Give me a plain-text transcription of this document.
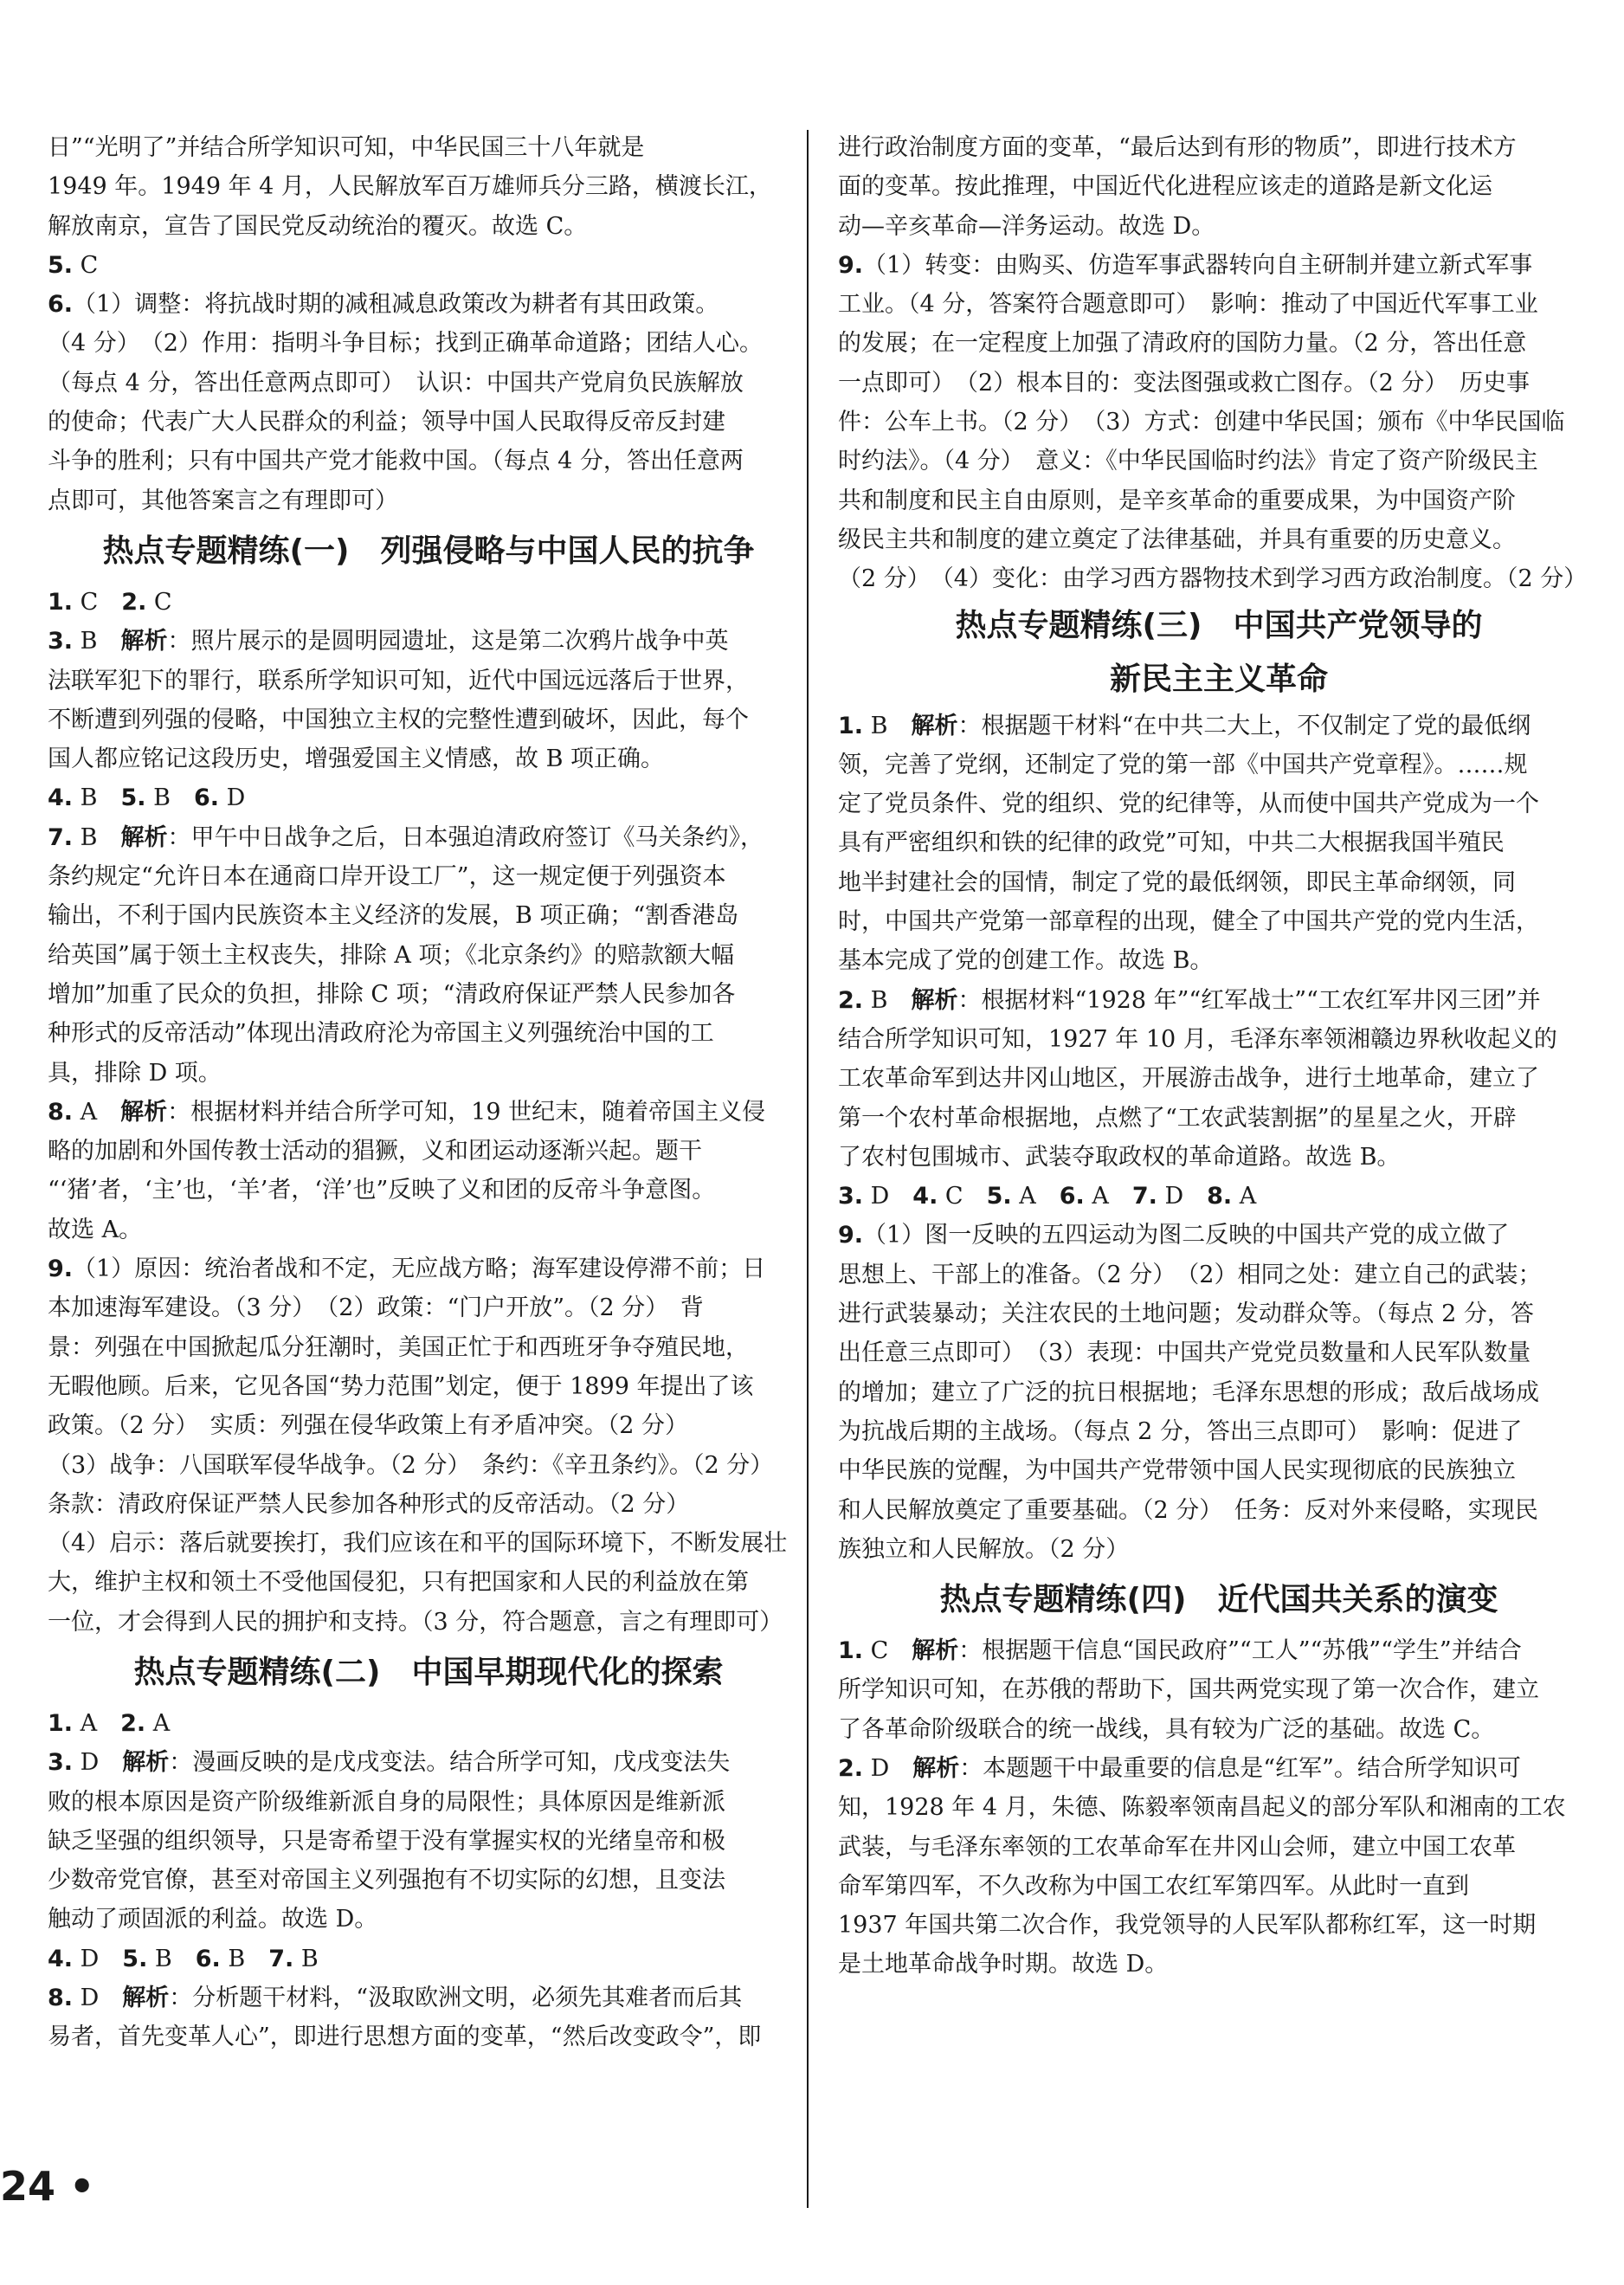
日”“光明了”并结合所学知识可知，中华民国三十八年就是

1949 年。1949 年 4 月，人民解放军百万雄师兵分三路，横渡长江，

解放南京，宣告了国民党反动统治的覆灭。故选 C。

5. C

6.（1）调整：将抗战时期的减租减息政策改为耕者有其田政策。

（4 分）　（2）作用：指明斗争目标；找到正确革命道路；团结人心。

（每点 4 分，答出任意两点即可）　认识：中国共产党肩负民族解放

的使命；代表广大人民群众的利益；领导中国人民取得反帝反封建

斗争的胜利；只有中国共产党才能救中国。（每点 4 分，答出任意两

点即可，其他答案言之有理即可）

热点专题精练(一)　列强侵略与中国人民的抗争

1. C　2. C

3. B　解析：照片展示的是圆明园遗址，这是第二次鸦片战争中英

法联军犯下的罪行，联系所学知识可知，近代中国远远落后于世界，

不断遭到列强的侵略，中国独立主权的完整性遭到破坏，因此，每个

国人都应铭记这段历史，增强爱国主义情感，故 B 项正确。

4. B　5. B　6. D

7. B　解析：甲午中日战争之后，日本强迫清政府签订《马关条约》，

条约规定“允许日本在通商口岸开设工厂”，这一规定便于列强资本

输出，不利于国内民族资本主义经济的发展，B 项正确；“割香港岛

给英国”属于领土主权丧失，排除 A 项；《北京条约》的赔款额大幅

增加”加重了民众的负担，排除 C 项；“清政府保证严禁人民参加各

种形式的反帝活动”体现出清政府沦为帝国主义列强统治中国的工

具，排除 D 项。

8. A　解析：根据材料并结合所学可知，19 世纪末，随着帝国主义侵

略的加剧和外国传教士活动的猖獗，义和团运动逐渐兴起。题干

“‘猪’者，‘主’也，‘羊’者，‘洋’也”反映了义和团的反帝斗争意图。

故选 A。

9.（1）原因：统治者战和不定，无应战方略；海军建设停滞不前；日

本加速海军建设。（3 分）　（2）政策：“门户开放”。（2 分）　背

景：列强在中国掀起瓜分狂潮时，美国正忙于和西班牙争夺殖民地，

无暇他顾。后来，它见各国“势力范围”划定，便于 1899 年提出了该

政策。（2 分）　实质：列强在侵华政策上有矛盾冲突。（2 分）

（3）战争：八国联军侵华战争。（2 分）　条约：《辛丑条约》。（2 分）

条款：清政府保证严禁人民参加各种形式的反帝活动。（2 分）

（4）启示：落后就要挨打，我们应该在和平的国际环境下，不断发展壮

大，维护主权和领土不受他国侵犯，只有把国家和人民的利益放在第

一位，才会得到人民的拥护和支持。（3 分，符合题意，言之有理即可）

热点专题精练(二)　中国早期现代化的探索

1. A　2. A

3. D　解析：漫画反映的是戊戌变法。结合所学可知，戊戌变法失

败的根本原因是资产阶级维新派自身的局限性；具体原因是维新派

缺乏坚强的组织领导，只是寄希望于没有掌握实权的光绪皇帝和极

少数帝党官僚，甚至对帝国主义列强抱有不切实际的幻想，且变法

触动了顽固派的利益。故选 D。

4. D　5. B　6. B　7. B

8. D　解析：分析题干材料，“汲取欧洲文明，必须先其难者而后其

易者，首先变革人心”，即进行思想方面的变革，“然后改变政令”，即

进行政治制度方面的变革，“最后达到有形的物质”，即进行技术方

面的变革。按此推理，中国近代化进程应该走的道路是新文化运

动—辛亥革命—洋务运动。故选 D。

9.（1）转变：由购买、仿造军事武器转向自主研制并建立新式军事

工业。（4 分，答案符合题意即可）　影响：推动了中国近代军事工业

的发展；在一定程度上加强了清政府的国防力量。（2 分，答出任意

一点即可）　（2）根本目的：变法图强或救亡图存。（2 分）　历史事

件：公车上书。（2 分）　（3）方式：创建中华民国；颁布《中华民国临

时约法》。（4 分）　意义：《中华民国临时约法》肯定了资产阶级民主

共和制度和民主自由原则，是辛亥革命的重要成果，为中国资产阶

级民主共和制度的建立奠定了法律基础，并具有重要的历史意义。

（2 分）　（4）变化：由学习西方器物技术到学习西方政治制度。（2 分）

热点专题精练(三)　中国共产党领导的

新民主主义革命

1. B　解析：根据题干材料“在中共二大上，不仅制定了党的最低纲

领，完善了党纲，还制定了党的第一部《中国共产党章程》。……规

定了党员条件、党的组织、党的纪律等，从而使中国共产党成为一个

具有严密组织和铁的纪律的政党”可知，中共二大根据我国半殖民

地半封建社会的国情，制定了党的最低纲领，即民主革命纲领，同

时，中国共产党第一部章程的出现，健全了中国共产党的党内生活，

基本完成了党的创建工作。故选 B。

2. B　解析：根据材料“1928 年”“红军战士”“工农红军井冈三团”并

结合所学知识可知，1927 年 10 月，毛泽东率领湘赣边界秋收起义的

工农革命军到达井冈山地区，开展游击战争，进行土地革命，建立了

第一个农村革命根据地，点燃了“工农武装割据”的星星之火，开辟

了农村包围城市、武装夺取政权的革命道路。故选 B。

3. D　4. C　5. A　6. A　7. D　8. A

9.（1）图一反映的五四运动为图二反映的中国共产党的成立做了

思想上、干部上的准备。（2 分）　（2）相同之处：建立自己的武装；

进行武装暴动；关注农民的土地问题；发动群众等。（每点 2 分，答

出任意三点即可）　（3）表现：中国共产党党员数量和人民军队数量

的增加；建立了广泛的抗日根据地；毛泽东思想的形成；敌后战场成

为抗战后期的主战场。（每点 2 分，答出三点即可）　影响：促进了

中华民族的觉醒，为中国共产党带领中国人民实现彻底的民族独立

和人民解放奠定了重要基础。（2 分）　任务：反对外来侵略，实现民

族独立和人民解放。（2 分）

热点专题精练(四)　近代国共关系的演变

1. C　解析：根据题干信息“国民政府”“工人”“苏俄”“学生”并结合

所学知识可知，在苏俄的帮助下，国共两党实现了第一次合作，建立

了各革命阶级联合的统一战线，具有较为广泛的基础。故选 C。

2. D　解析：本题题干中最重要的信息是“红军”。结合所学知识可

知，1928 年 4 月，朱德、陈毅率领南昌起义的部分军队和湘南的工农

武装，与毛泽东率领的工农革命军在井冈山会师，建立中国工农革

命军第四军，不久改称为中国工农红军第四军。从此时一直到

1937 年国共第二次合作，我党领导的人民军队都称红军，这一时期

是土地革命战争时期。故选 D。

24 •
